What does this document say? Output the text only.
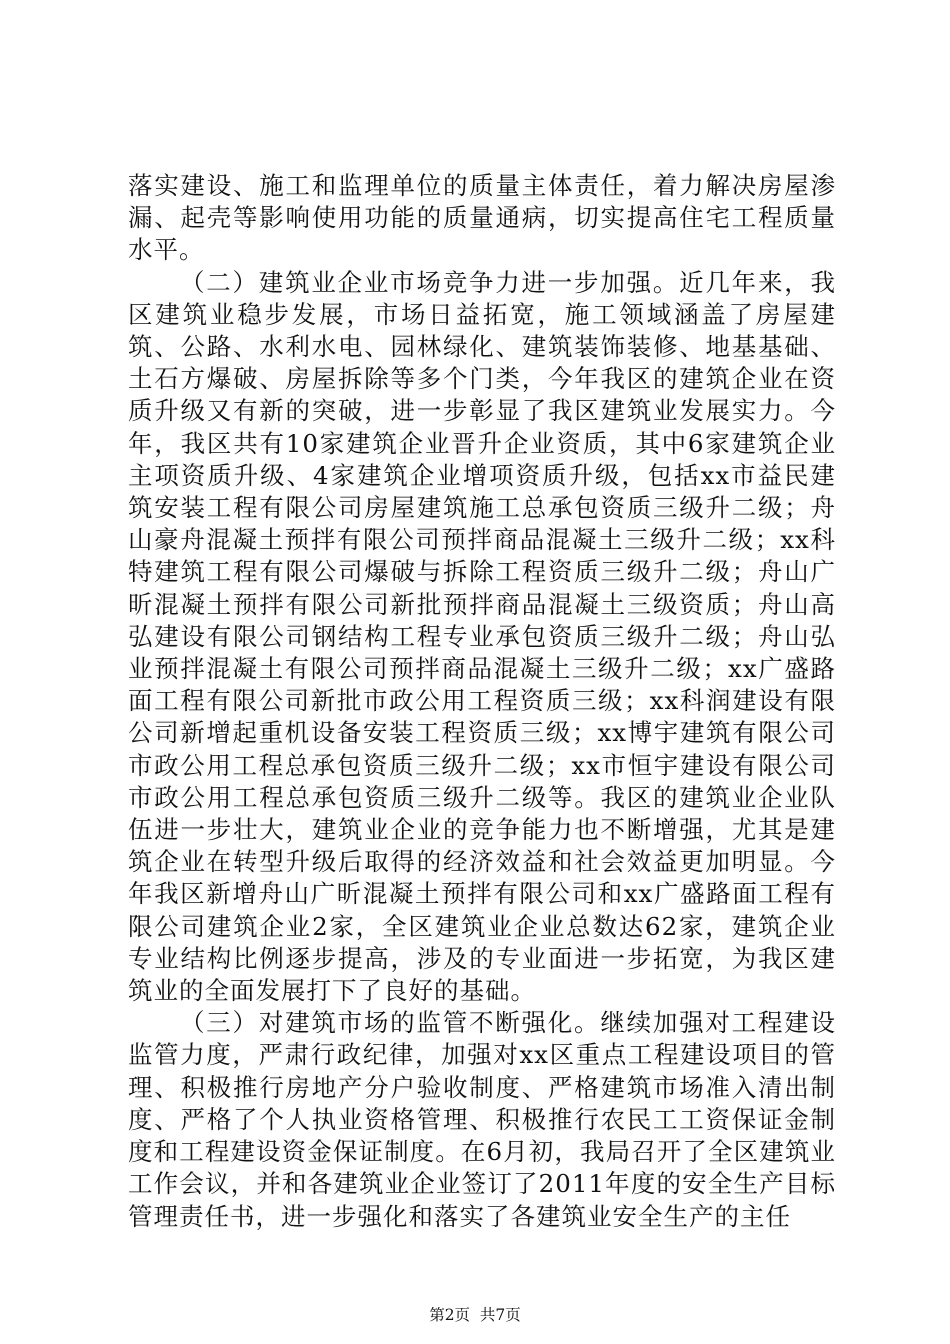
落实建设、施工和监理单位的质量主体责任，着力解决房屋渗漏、起壳等影响使用功能的质量通病，切实提高住宅工程质量水平。

（二）建筑业企业市场竞争力进一步加强。近几年来，我区建筑业稳步发展，市场日益拓宽，施工领域涵盖了房屋建筑、公路、水利水电、园林绿化、建筑装饰装修、地基基础、土石方爆破、房屋拆除等多个门类，今年我区的建筑企业在资质升级又有新的突破，进一步彰显了我区建筑业发展实力。今年，我区共有10家建筑企业晋升企业资质，其中6家建筑企业主项资质升级、4家建筑企业增项资质升级，包括xx市益民建筑安装工程有限公司房屋建筑施工总承包资质三级升二级；舟山豪舟混凝土预拌有限公司预拌商品混凝土三级升二级；xx科特建筑工程有限公司爆破与拆除工程资质三级升二级；舟山广昕混凝土预拌有限公司新批预拌商品混凝土三级资质；舟山高弘建设有限公司钢结构工程专业承包资质三级升二级；舟山弘业预拌混凝土有限公司预拌商品混凝土三级升二级；xx广盛路面工程有限公司新批市政公用工程资质三级；xx科润建设有限公司新增起重机设备安装工程资质三级；xx博宇建筑有限公司市政公用工程总承包资质三级升二级；xx市恒宇建设有限公司市政公用工程总承包资质三级升二级等。我区的建筑业企业队伍进一步壮大，建筑业企业的竞争能力也不断增强，尤其是建筑企业在转型升级后取得的经济效益和社会效益更加明显。今年我区新增舟山广昕混凝土预拌有限公司和xx广盛路面工程有限公司建筑企业2家，全区建筑业企业总数达62家，建筑企业专业结构比例逐步提高，涉及的专业面进一步拓宽，为我区建筑业的全面发展打下了良好的基础。

（三）对建筑市场的监管不断强化。继续加强对工程建设监管力度，严肃行政纪律，加强对xx区重点工程建设项目的管理、积极推行房地产分户验收制度、严格建筑市场准入清出制度、严格了个人执业资格管理、积极推行农民工工资保证金制度和工程建设资金保证制度。在6月初，我局召开了全区建筑业工作会议，并和各建筑业企业签订了2011年度的安全生产目标管理责任书，进一步强化和落实了各建筑业安全生产的主任

第2页 共7页
